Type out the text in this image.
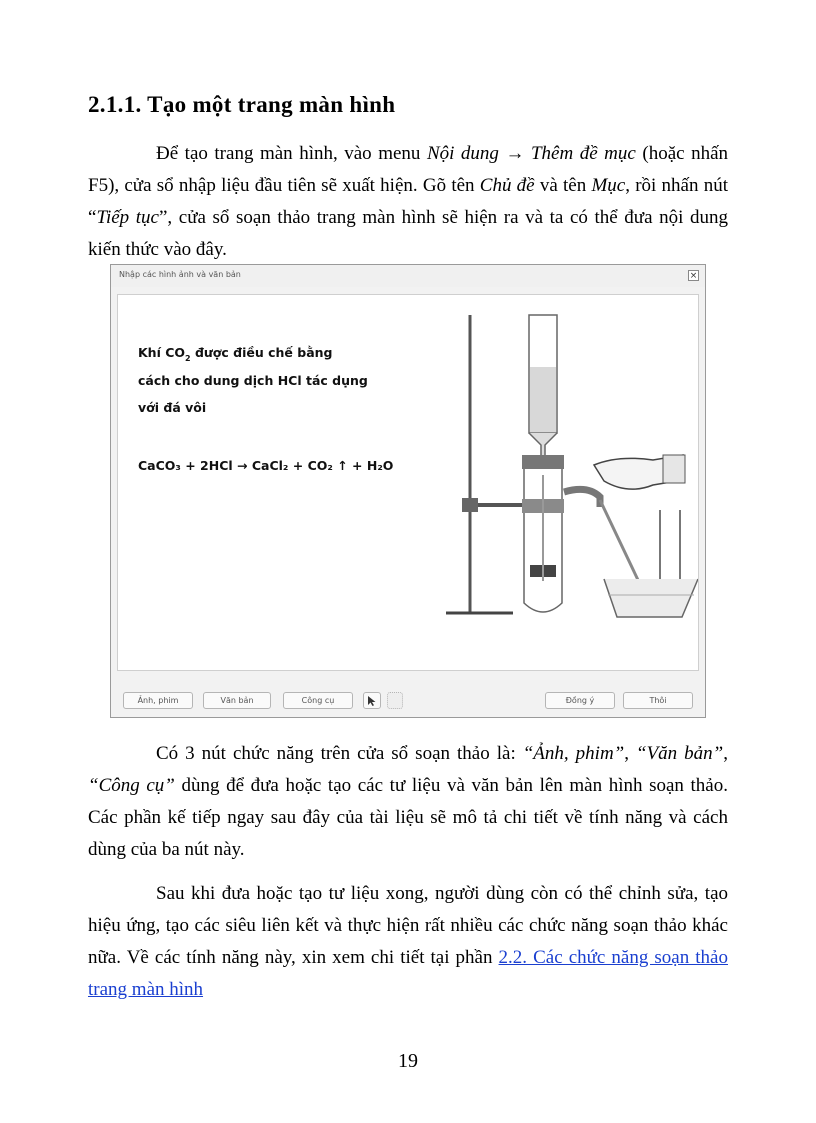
2.1.1. Tạo một trang màn hình
Để tạo trang màn hình, vào menu Nội dung → Thêm đề mục (hoặc nhấn F5), cửa sổ nhập liệu đầu tiên sẽ xuất hiện. Gõ tên Chủ đề và tên Mục, rồi nhấn nút “Tiếp tục”, cửa sổ soạn thảo trang màn hình sẽ hiện ra và ta có thể đưa nội dung kiến thức vào đây.
Nhập các hình ảnh và văn bản	×
Khí $CO_2$ được điều chế bằng
cách cho dung dịch HCl tác dụng
với đá vôi
CaCO₃ + 2HCl → CaCl₂ + CO₂ ↑ + H₂O
Ảnh, phim	Văn bản	Công cụ	Đồng ý	Thôi
Có 3 nút chức năng trên cửa sổ soạn thảo là: “Ảnh, phim”, “Văn bản”, “Công cụ” dùng để đưa hoặc tạo các tư liệu và văn bản lên màn hình soạn thảo. Các phần kế tiếp ngay sau đây của tài liệu sẽ mô tả chi tiết về tính năng và cách dùng của ba nút này.
Sau khi đưa hoặc tạo tư liệu xong, người dùng còn có thể chỉnh sửa, tạo hiệu ứng, tạo các siêu liên kết và thực hiện rất nhiều các chức năng soạn thảo khác nữa. Về các tính năng này, xin xem chi tiết tại phần 2.2. Các chức năng soạn thảo trang màn hình
19
